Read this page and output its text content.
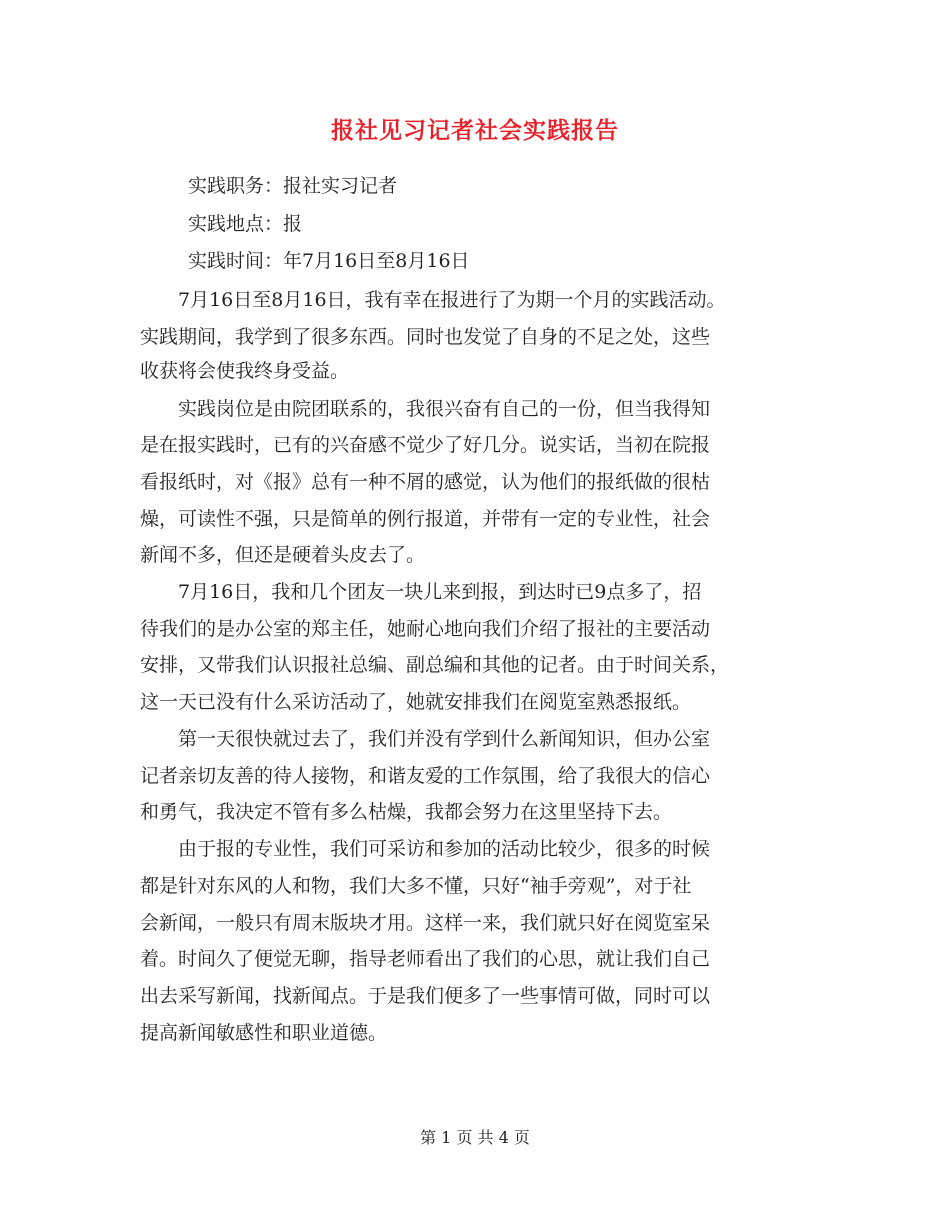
报社见习记者社会实践报告
实践职务：报社实习记者
实践地点：报
实践时间：年7月16日至8月16日
　　7月16日至8月16日，我有幸在报进行了为期一个月的实践活动。
实践期间，我学到了很多东西。同时也发觉了自身的不足之处，这些
收获将会使我终身受益。
　　实践岗位是由院团联系的，我很兴奋有自己的一份，但当我得知
是在报实践时，已有的兴奋感不觉少了好几分。说实话，当初在院报
看报纸时，对《报》总有一种不屑的感觉，认为他们的报纸做的很枯
燥，可读性不强，只是简单的例行报道，并带有一定的专业性，社会
新闻不多，但还是硬着头皮去了。
　　7月16日，我和几个团友一块儿来到报，到达时已9点多了，招
待我们的是办公室的郑主任，她耐心地向我们介绍了报社的主要活动
安排，又带我们认识报社总编、副总编和其他的记者。由于时间关系，
这一天已没有什么采访活动了，她就安排我们在阅览室熟悉报纸。
　　第一天很快就过去了，我们并没有学到什么新闻知识，但办公室
记者亲切友善的待人接物，和谐友爱的工作氛围，给了我很大的信心
和勇气，我决定不管有多么枯燥，我都会努力在这里坚持下去。
　　由于报的专业性，我们可采访和参加的活动比较少，很多的时候
都是针对东风的人和物，我们大多不懂，只好“袖手旁观”，对于社
会新闻，一般只有周末版块才用。这样一来，我们就只好在阅览室呆
着。时间久了便觉无聊，指导老师看出了我们的心思，就让我们自己
出去采写新闻，找新闻点。于是我们便多了一些事情可做，同时可以
提高新闻敏感性和职业道德。
第 1 页 共 4 页
